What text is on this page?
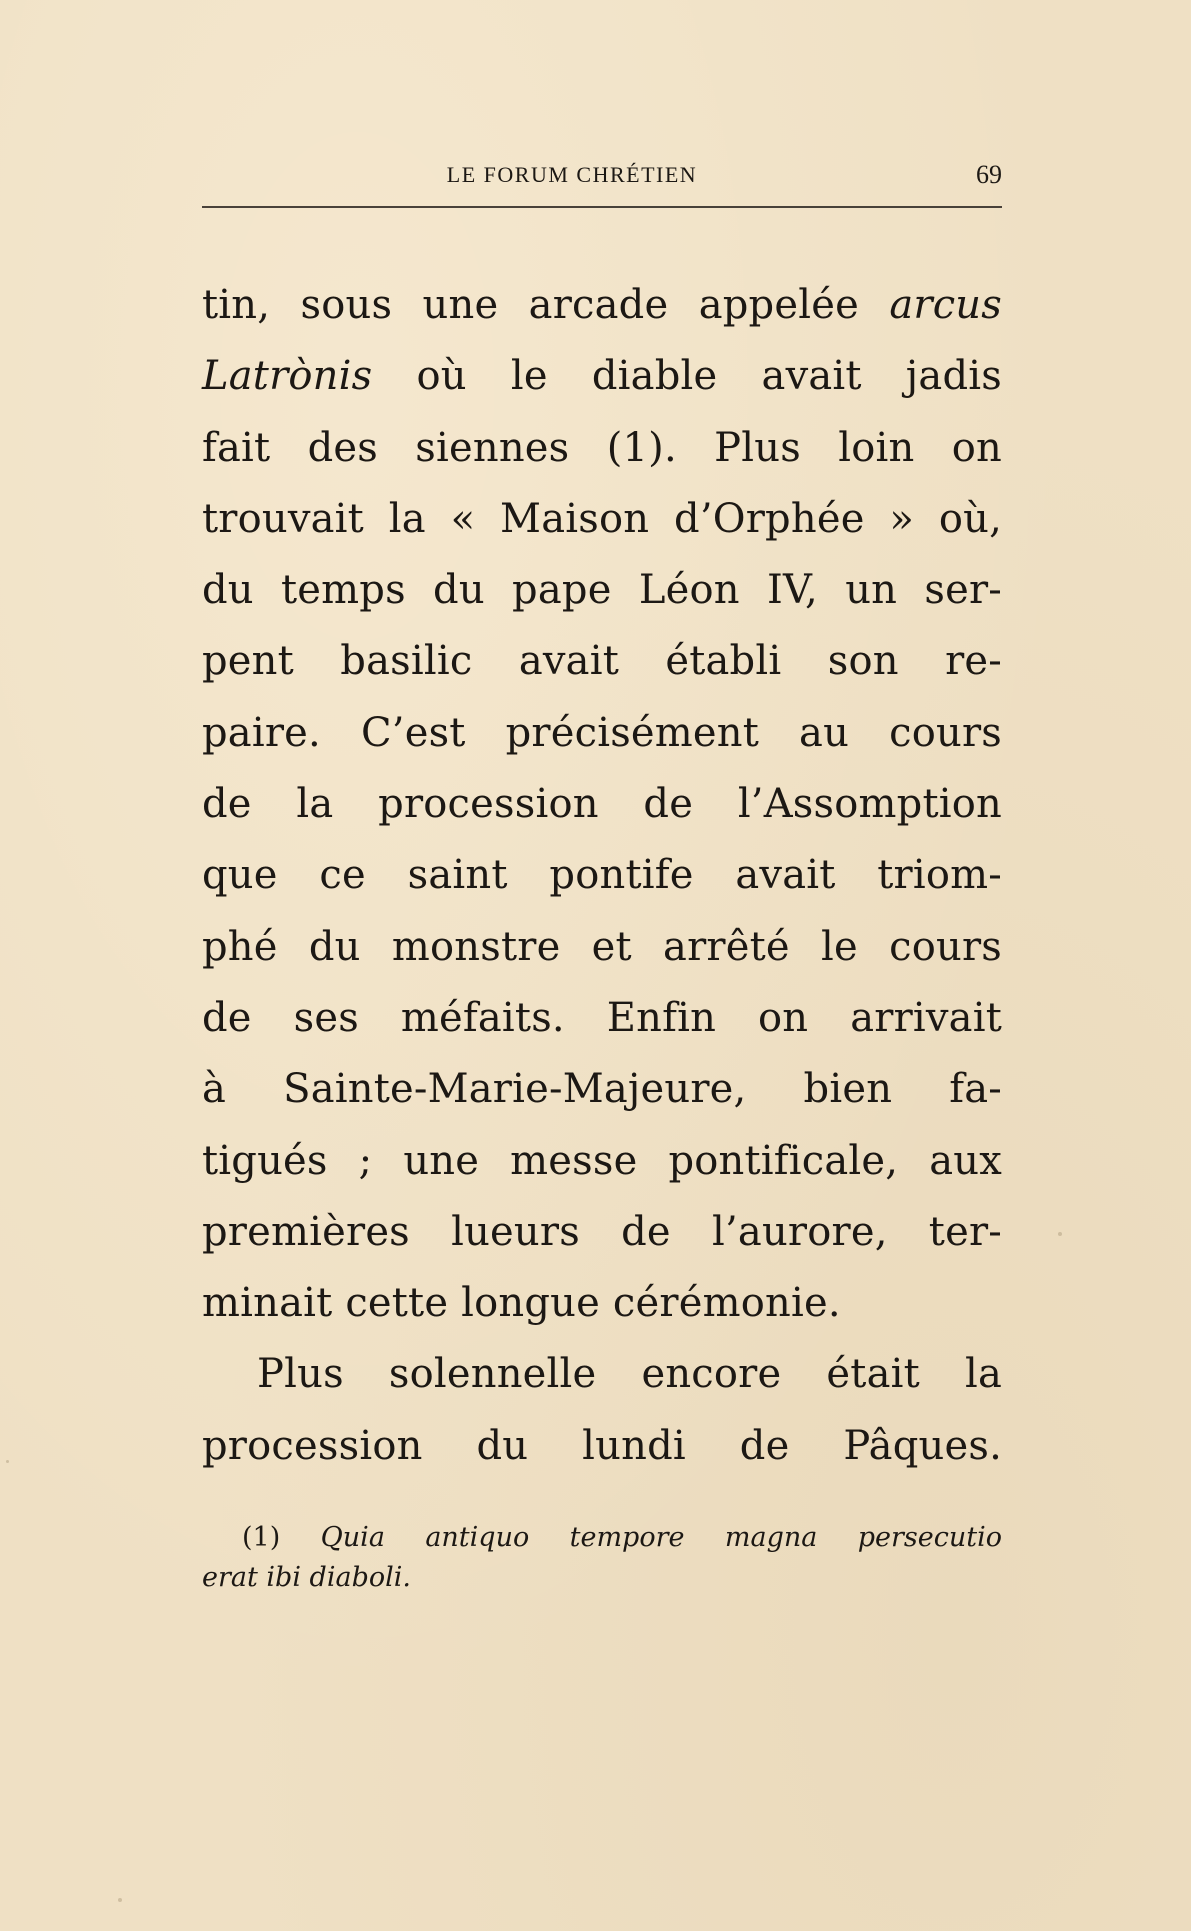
LE FORUM CHRÉTIEN	69
tin, sous une arcade appelée arcus
Latrònis où le diable avait jadis
fait des siennes (1). Plus loin on
trouvait la « Maison d’Orphée » où,
du temps du pape Léon IV, un ser-
pent basilic avait établi son re-
paire. C’est précisément au cours
de la procession de l’Assomption
que ce saint pontife avait triom-
phé du monstre et arrêté le cours
de ses méfaits. Enfin on arrivait
à Sainte-Marie-Majeure, bien fa-
tigués ; une messe pontificale, aux
premières lueurs de l’aurore, ter-
minait cette longue cérémonie.
Plus solennelle encore était la
procession du lundi de Pâques.
(1) Quia antiquo tempore magna persecutio
erat ibi diaboli.
